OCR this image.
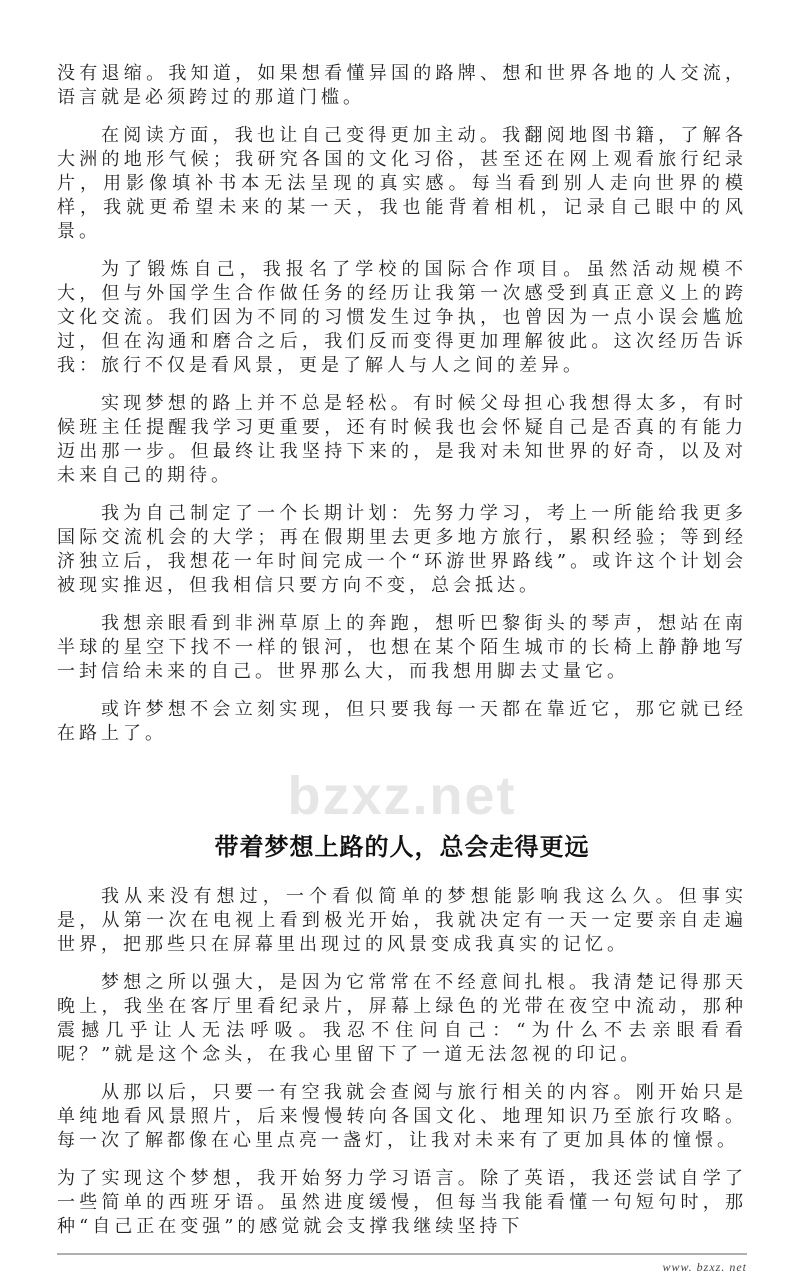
没有退缩。我知道，如果想看懂异国的路牌、想和世界各地的人交流，语言就是必须跨过的那道门槛。

在阅读方面，我也让自己变得更加主动。我翻阅地图书籍，了解各大洲的地形气候；我研究各国的文化习俗，甚至还在网上观看旅行纪录片，用影像填补书本无法呈现的真实感。每当看到别人走向世界的模样，我就更希望未来的某一天，我也能背着相机，记录自己眼中的风景。

为了锻炼自己，我报名了学校的国际合作项目。虽然活动规模不大，但与外国学生合作做任务的经历让我第一次感受到真正意义上的跨文化交流。我们因为不同的习惯发生过争执，也曾因为一点小误会尴尬过，但在沟通和磨合之后，我们反而变得更加理解彼此。这次经历告诉我：旅行不仅是看风景，更是了解人与人之间的差异。

实现梦想的路上并不总是轻松。有时候父母担心我想得太多，有时候班主任提醒我学习更重要，还有时候我也会怀疑自己是否真的有能力迈出那一步。但最终让我坚持下来的，是我对未知世界的好奇，以及对未来自己的期待。

我为自己制定了一个长期计划：先努力学习，考上一所能给我更多国际交流机会的大学；再在假期里去更多地方旅行，累积经验；等到经济独立后，我想花一年时间完成一个“环游世界路线”。或许这个计划会被现实推迟，但我相信只要方向不变，总会抵达。

我想亲眼看到非洲草原上的奔跑，想听巴黎街头的琴声，想站在南半球的星空下找不一样的银河，也想在某个陌生城市的长椅上静静地写一封信给未来的自己。世界那么大，而我想用脚去丈量它。

或许梦想不会立刻实现，但只要我每一天都在靠近它，那它就已经在路上了。

bzxz.net
带着梦想上路的人，总会走得更远

我从来没有想过，一个看似简单的梦想能影响我这么久。但事实是，从第一次在电视上看到极光开始，我就决定有一天一定要亲自走遍世界，把那些只在屏幕里出现过的风景变成我真实的记忆。

梦想之所以强大，是因为它常常在不经意间扎根。我清楚记得那天晚上，我坐在客厅里看纪录片，屏幕上绿色的光带在夜空中流动，那种震撼几乎让人无法呼吸。我忍不住问自己：“为什么不去亲眼看看呢？”就是这个念头，在我心里留下了一道无法忽视的印记。

从那以后，只要一有空我就会查阅与旅行相关的内容。刚开始只是单纯地看风景照片，后来慢慢转向各国文化、地理知识乃至旅行攻略。每一次了解都像在心里点亮一盏灯，让我对未来有了更加具体的憧憬。

为了实现这个梦想，我开始努力学习语言。除了英语，我还尝试自学了一些简单的西班牙语。虽然进度缓慢，但每当我能看懂一句短句时，那种“自己正在变强”的感觉就会支撑我继续坚持下

www. bzxz. net
